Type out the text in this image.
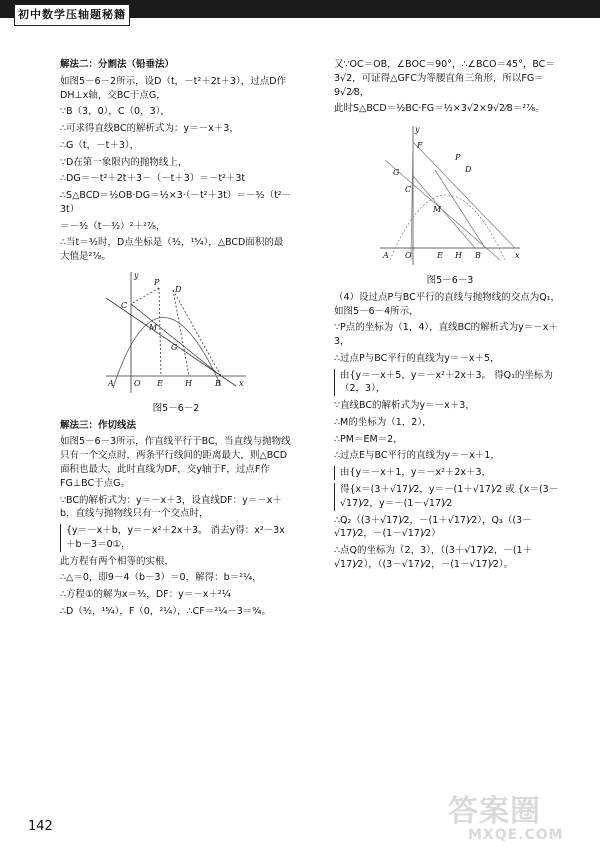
初中数学压轴题秘籍

解法二：分割法（铅垂法）

如图5－6－2所示，设D（t，－t²＋2t＋3），过点D作DH⊥x轴，交BC于点G，

∵B（3，0），C（0，3），

∴可求得直线BC的解析式为：y＝－x＋3，

∴G（t，－t＋3），

∵D在第一象限内的抛物线上，

∴DG＝－t²＋2t＋3－（－t＋3）＝－t²＋3t

∴S△BCD＝½OB·DG＝½×3·（－t²＋3t）＝－³⁄₂（t²－3t）

＝－³⁄₂（t－³⁄₂）²＋²⁷⁄₈，

∴当t＝³⁄₂时，D点坐标是（³⁄₂，¹⁵⁄₄），△BCD面积的最大值是²⁷⁄₈。

y
x
P
D
C
M
G
A	O E	H	B

图5－6－2

解法三：作切线法

如图5－6－3所示，作直线平行于BC，当直线与抛物线只有一个交点时，两条平行线间的距离最大，则△BCD面积也最大，此时直线为DF，交y轴于F，过点F作FG⊥BC于点G。

∵BC的解析式为：y＝－x＋3，设直线DF：y＝－x＋b，直线与抛物线只有一个交点时，

{y＝－x＋b，y＝－x²＋2x＋3。 消去y得：x²－3x＋b－3＝0①，

此方程有两个相等的实根，

∴△＝0，即9－4（b－3）＝0，解得：b＝²¹⁄₄，

∴方程①的解为x＝³⁄₂，DF：y＝－x＋²¹⁄₄

∴D（³⁄₂，¹⁵⁄₄），F（0，²¹⁄₄），∴CF＝²¹⁄₄－3＝⁹⁄₄。

又∵OC＝OB，∠BOC＝90°，∴∠BCO＝45°，BC＝3√2，可证得△GFC为等腰直角三角形，所以FG＝9√2⁄8，

此时S△BCD＝½BC·FG＝½×3√2×9√2⁄8＝²⁷⁄₈。

y
x
F
P
D
G
C
M
A O	E H B

图5－6－3

（4）设过点P与BC平行的直线与抛物线的交点为Q₁，如图5－6－4所示，

∵P点的坐标为（1，4），直线BC的解析式为y＝－x＋3，

∴过点P与BC平行的直线为y＝－x＋5，

由{y＝－x＋5，y＝－x²＋2x＋3。 得Q₁的坐标为（2，3），

∵直线BC的解析式为y＝－x＋3，

∴M的坐标为（1，2），

∴PM＝EM＝2，

∴过点E与BC平行的直线为y＝－x＋1，

由{y＝－x＋1，y＝－x²＋2x＋3，

得{x＝(3＋√17)⁄2，y＝－(1＋√17)⁄2 或 {x＝(3－√17)⁄2，y＝－(1－√17)⁄2

∴Q₂（(3＋√17)⁄2，－(1＋√17)⁄2），Q₃（(3－√17)⁄2，－(1－√17)⁄2）

∴点Q的坐标为（2，3），（(3＋√17)⁄2，－(1＋√17)⁄2），（(3－√17)⁄2，－(1－√17)⁄2）。

142	答案圈
MXQE.COM
